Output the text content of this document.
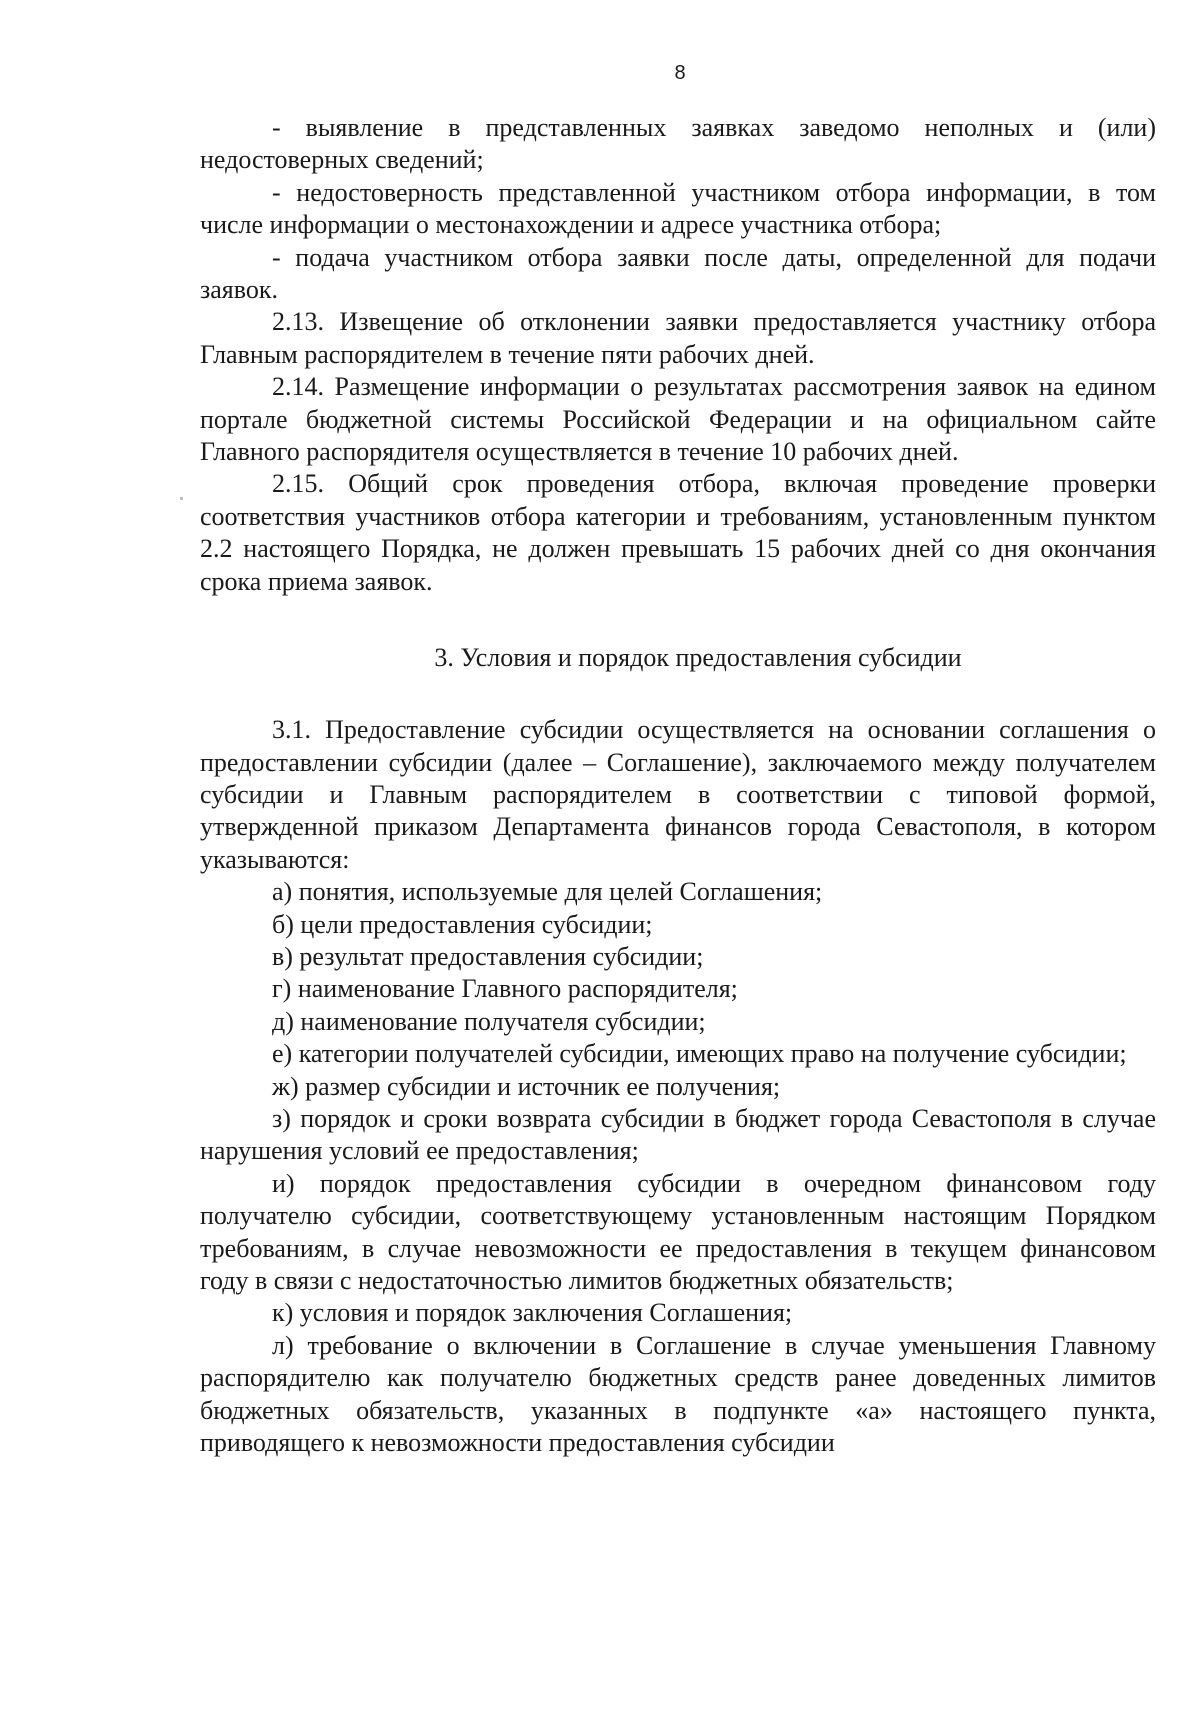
8

- выявление в представленных заявках заведомо неполных и (или) недостоверных сведений;

- недостоверность представленной участником отбора информации, в том числе информации о местонахождении и адресе участника отбора;

- подача участником отбора заявки после даты, определенной для подачи заявок.

2.13. Извещение об отклонении заявки предоставляется участнику отбора Главным распорядителем в течение пяти рабочих дней.

2.14. Размещение информации о результатах рассмотрения заявок на едином портале бюджетной системы Российской Федерации и на официальном сайте Главного распорядителя осуществляется в течение 10 рабочих дней.

2.15. Общий срок проведения отбора, включая проведение проверки соответствия участников отбора категории и требованиям, установленным пунктом 2.2 настоящего Порядка, не должен превышать 15 рабочих дней со дня окончания срока приема заявок.

3. Условия и порядок предоставления субсидии

3.1. Предоставление субсидии осуществляется на основании соглашения о предоставлении субсидии (далее – Соглашение), заключаемого между получателем субсидии и Главным распорядителем в соответствии с типовой формой, утвержденной приказом Департамента финансов города Севастополя, в котором указываются:

а) понятия, используемые для целей Соглашения;

б) цели предоставления субсидии;

в) результат предоставления субсидии;

г) наименование Главного распорядителя;

д) наименование получателя субсидии;

е) категории получателей субсидии, имеющих право на получение субсидии;

ж) размер субсидии и источник ее получения;

з) порядок и сроки возврата субсидии в бюджет города Севастополя в случае нарушения условий ее предоставления;

и) порядок предоставления субсидии в очередном финансовом году получателю субсидии, соответствующему установленным настоящим Порядком требованиям, в случае невозможности ее предоставления в текущем финансовом году в связи с недостаточностью лимитов бюджетных обязательств;

к) условия и порядок заключения Соглашения;

л) требование о включении в Соглашение в случае уменьшения Главному распорядителю как получателю бюджетных средств ранее доведенных лимитов бюджетных обязательств, указанных в подпункте «а» настоящего пункта, приводящего к невозможности предоставления субсидии
